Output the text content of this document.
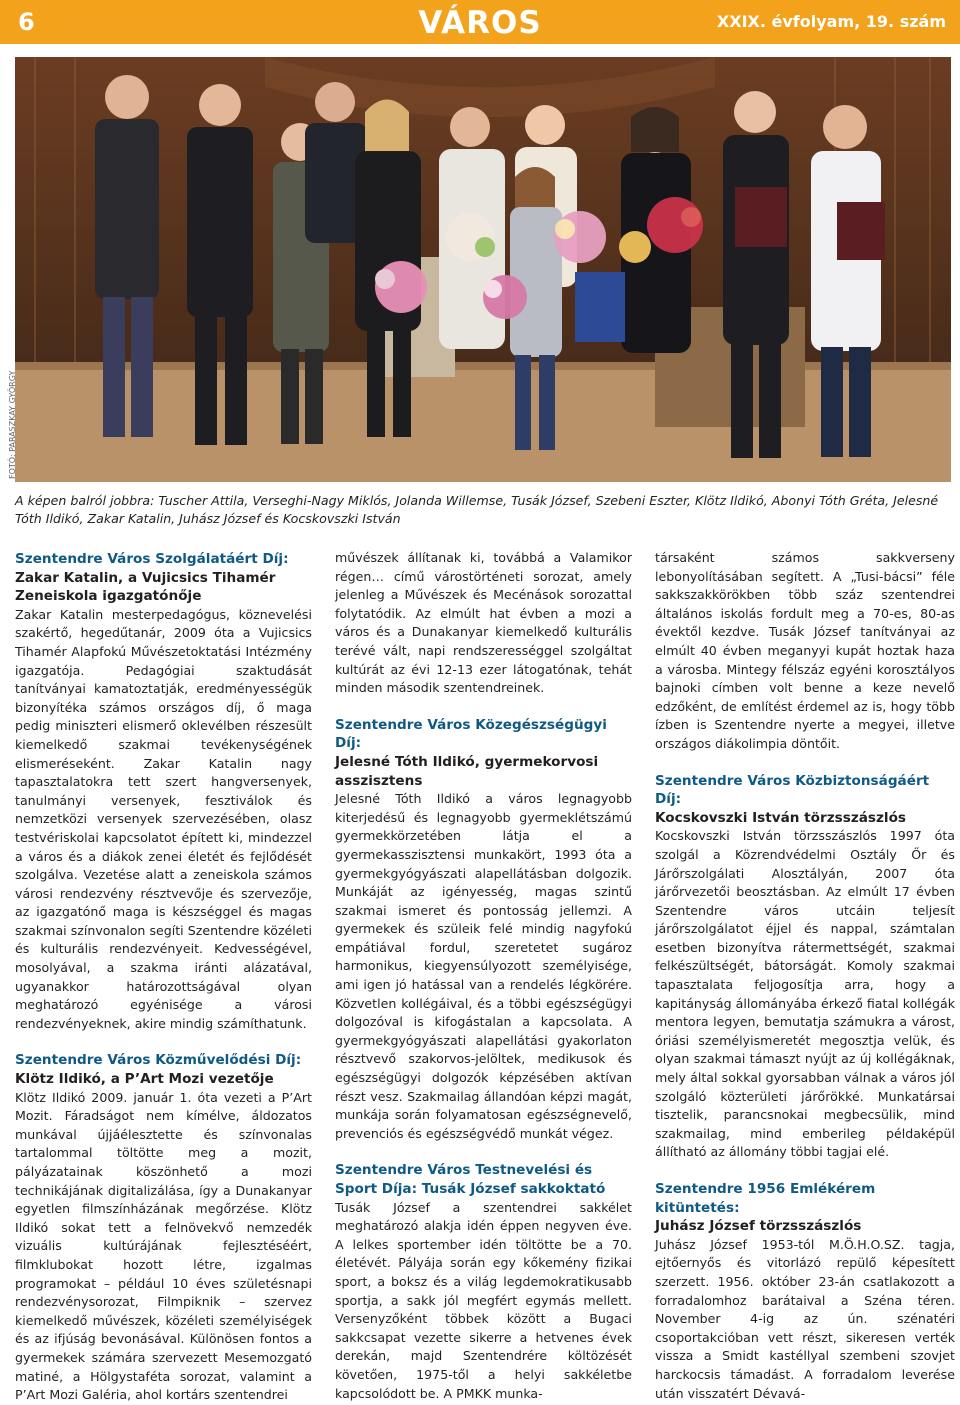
6	VÁROS	XXIX. évfolyam, 19. szám
FOTÓ: PARASZKAY GYÖRGY
A képen balról jobbra: Tuscher Attila, Verseghi-Nagy Miklós, Jolanda Willemse, Tusák József, Szebeni Eszter, Klötz Ildikó, Abonyi Tóth Gréta, Jelesné Tóth Ildikó, Zakar Katalin, Juhász József és Kocskovszki István
Szentendre Város Szolgálatáért Díj:
Zakar Katalin, a Vujicsics Tihamér Zeneiskola igazgatónője

Zakar Katalin mesterpedagógus, köznevelési szakértő, hegedűtanár, 2009 óta a Vujicsics Tihamér Alapfokú Művészetoktatási Intézmény igazgatója. Pedagógiai szaktudását tanítványai kamatoztatják, eredményességük bizonyítéka számos országos díj, ő maga pedig miniszteri elismerő oklevélben részesült kiemelkedő szakmai tevékenységének elismeréseként. Zakar Katalin nagy tapasztalatokra tett szert hangversenyek, tanulmányi versenyek, fesztiválok és nemzetközi versenyek szervezésében, olasz testvériskolai kapcsolatot épített ki, mindezzel a város és a diákok zenei életét és fejlődését szolgálva. Vezetése alatt a zeneiskola számos városi rendezvény résztvevője és szervezője, az igazgatónő maga is készséggel és magas szakmai színvonalon segíti Szentendre közéleti és kulturális rendezvényeit. Kedvességével, mosolyával, a szakma iránti alázatával, ugyanakkor határozottságával olyan meghatározó egyénisége a városi rendezvényeknek, akire mindig számíthatunk.

Szentendre Város Közművelődési Díj:
Klötz Ildikó, a P’Art Mozi vezetője

Klötz Ildikó 2009. január 1. óta vezeti a P’Art Mozit. Fáradságot nem kímélve, áldozatos munkával újjáélesztette és színvonalas tartalommal töltötte meg a mozit, pályázatainak köszönhető a mozi technikájának digitalizálása, így a Dunakanyar egyetlen filmszínházának megőrzése. Klötz Ildikó sokat tett a felnövekvő nemzedék vizuális kultúrájának fejlesztéséért, filmklubokat hozott létre, izgalmas programokat – például 10 éves születésnapi rendezvénysorozat, Filmpiknik – szervez kiemelkedő művészek, közéleti személyiségek és az ifjúság bevonásával. Különösen fontos a gyermekek számára szervezett Mesemozgató matiné, a Hölgystaféta sorozat, valamint a P’Art Mozi Galéria, ahol kortárs szentendrei

művészek állítanak ki, továbbá a Valamikor régen… című várostörténeti sorozat, amely jelenleg a Művészek és Mecénások sorozattal folytatódik. Az elmúlt hat évben a mozi a város és a Dunakanyar kiemelkedő kulturális terévé vált, napi rendszerességgel szolgáltat kultúrát az évi 12-13 ezer látogatónak, tehát minden második szentendreinek.

Szentendre Város Közegészségügyi Díj:
Jelesné Tóth Ildikó, gyermekorvosi asszisztens

Jelesné Tóth Ildikó a város legnagyobb kiterjedésű és legnagyobb gyermeklétszámú gyermekkörzetében látja el a gyermekasszisztensi munkakört, 1993 óta a gyermekgyógyászati alapellátásban dolgozik. Munkáját az igényesség, magas szintű szakmai ismeret és pontosság jellemzi. A gyermekek és szüleik felé mindig nagyfokú empátiával fordul, szeretetet sugároz harmonikus, kiegyensúlyozott személyisége, ami igen jó hatással van a rendelés légkörére. Közvetlen kollégáival, és a többi egészségügyi dolgozóval is kifogástalan a kapcsolata. A gyermekgyógyászati alapellátási gyakorlaton résztvevő szakorvos-jelöltek, medikusok és egészségügyi dolgozók képzésében aktívan részt vesz. Szakmailag állandóan képzi magát, munkája során folyamatosan egészségnevelő, prevenciós és egészségvédő munkát végez.

Szentendre Város Testnevelési és Sport Díja: Tusák József sakkoktató

Tusák József a szentendrei sakkélet meghatározó alakja idén éppen negyven éve. A lelkes sportember idén töltötte be a 70. életévét. Pályája során egy kőkemény fizikai sport, a boksz és a világ legdemokratikusabb sportja, a sakk jól megfért egymás mellett. Versenyzőként többek között a Bugaci sakkcsapat vezette sikerre a hetvenes évek derekán, majd Szentendrére költözését követően, 1975-től a helyi sakkéletbe kapcsolódott be. A PMKK munka-

társaként számos sakkverseny lebonyolításában segített. A „Tusi-bácsi” féle sakkszakkörökben több száz szentendrei általános iskolás fordult meg a 70-es, 80-as évektől kezdve. Tusák József tanítványai az elmúlt 40 évben meganyyi kupát hoztak haza a városba. Mintegy félszáz egyéni korosztályos bajnoki címben volt benne a keze nevelő edzőként, de említést érdemel az is, hogy több ízben is Szentendre nyerte a megyei, illetve országos diákolimpia döntőit.

Szentendre Város Közbiztonságáért Díj:
Kocskovszki István törzsszászlós

Kocskovszki István törzsszászlós 1997 óta szolgál a Közrendvédelmi Osztály Őr és Járőrszolgálati Alosztályán, 2007 óta járőrvezetői beosztásban. Az elmúlt 17 évben Szentendre város utcáin teljesít járőrszolgálatot éjjel és nappal, számtalan esetben bizonyítva rátermettségét, szakmai felkészültségét, bátorságát. Komoly szakmai tapasztalata feljogosítja arra, hogy a kapitányság állományába érkező fiatal kollégák mentora legyen, bemutatja számukra a várost, óriási személyismeretét megosztja velük, és olyan szakmai támaszt nyújt az új kollégáknak, mely által sokkal gyorsabban válnak a város jól szolgáló közterületi járőrökké. Munkatársai tisztelik, parancsnokai megbecsülik, mind szakmailag, mind emberileg példaképül állítható az állomány többi tagjai elé.

Szentendre 1956 Emlékérem kitüntetés:
Juhász József törzsszászlós

Juhász József 1953-tól M.Ö.H.O.SZ. tagja, ejtőernyős és vitorlázó repülő képesített szerzett. 1956. október 23-án csatlakozott a forradalomhoz barátaival a Széna téren. November 4-ig az ún. szénatéri csoportakcióban vett részt, sikeresen verték vissza a Smidt kastéllyal szembeni szovjet harckocsis támadást. A forradalom leverése után visszatért Dévavá-
